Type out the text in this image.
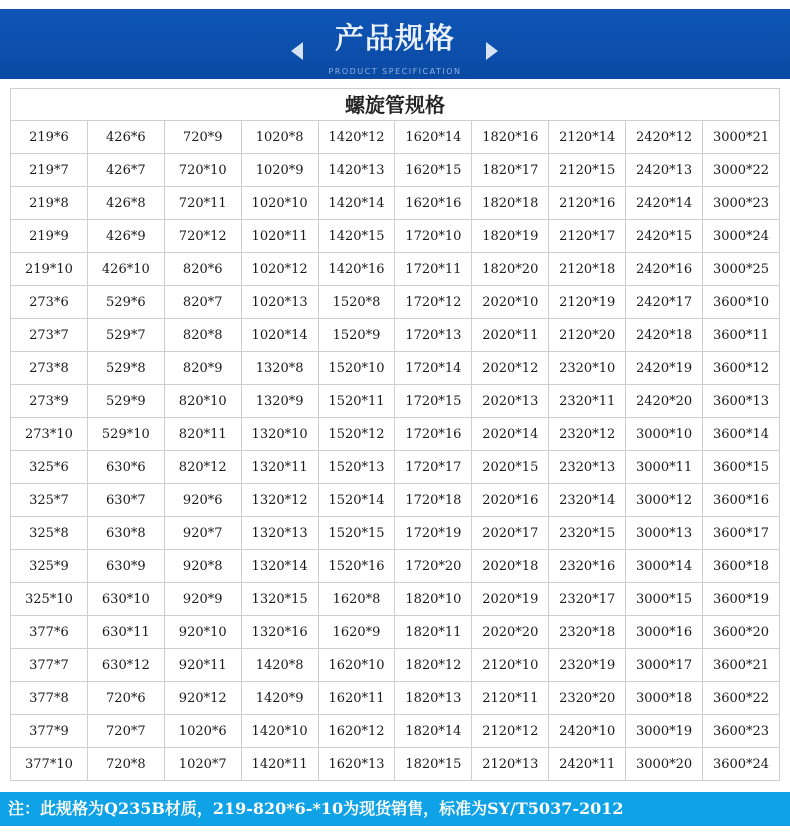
产品规格
PRODUCT SPECIFICATION
螺旋管规格
219*6	426*6	720*9	1020*8	1420*12	1620*14	1820*16	2120*14	2420*12	3000*21
219*7	426*7	720*10	1020*9	1420*13	1620*15	1820*17	2120*15	2420*13	3000*22
219*8	426*8	720*11	1020*10	1420*14	1620*16	1820*18	2120*16	2420*14	3000*23
219*9	426*9	720*12	1020*11	1420*15	1720*10	1820*19	2120*17	2420*15	3000*24
219*10	426*10	820*6	1020*12	1420*16	1720*11	1820*20	2120*18	2420*16	3000*25
273*6	529*6	820*7	1020*13	1520*8	1720*12	2020*10	2120*19	2420*17	3600*10
273*7	529*7	820*8	1020*14	1520*9	1720*13	2020*11	2120*20	2420*18	3600*11
273*8	529*8	820*9	1320*8	1520*10	1720*14	2020*12	2320*10	2420*19	3600*12
273*9	529*9	820*10	1320*9	1520*11	1720*15	2020*13	2320*11	2420*20	3600*13
273*10	529*10	820*11	1320*10	1520*12	1720*16	2020*14	2320*12	3000*10	3600*14
325*6	630*6	820*12	1320*11	1520*13	1720*17	2020*15	2320*13	3000*11	3600*15
325*7	630*7	920*6	1320*12	1520*14	1720*18	2020*16	2320*14	3000*12	3600*16
325*8	630*8	920*7	1320*13	1520*15	1720*19	2020*17	2320*15	3000*13	3600*17
325*9	630*9	920*8	1320*14	1520*16	1720*20	2020*18	2320*16	3000*14	3600*18
325*10	630*10	920*9	1320*15	1620*8	1820*10	2020*19	2320*17	3000*15	3600*19
377*6	630*11	920*10	1320*16	1620*9	1820*11	2020*20	2320*18	3000*16	3600*20
377*7	630*12	920*11	1420*8	1620*10	1820*12	2120*10	2320*19	3000*17	3600*21
377*8	720*6	920*12	1420*9	1620*11	1820*13	2120*11	2320*20	3000*18	3600*22
377*9	720*7	1020*6	1420*10	1620*12	1820*14	2120*12	2420*10	3000*19	3600*23
377*10	720*8	1020*7	1420*11	1620*13	1820*15	2120*13	2420*11	3000*20	3600*24
注：此规格为Q235B材质，219-820*6-*10为现货销售，标准为SY/T5037-2012
